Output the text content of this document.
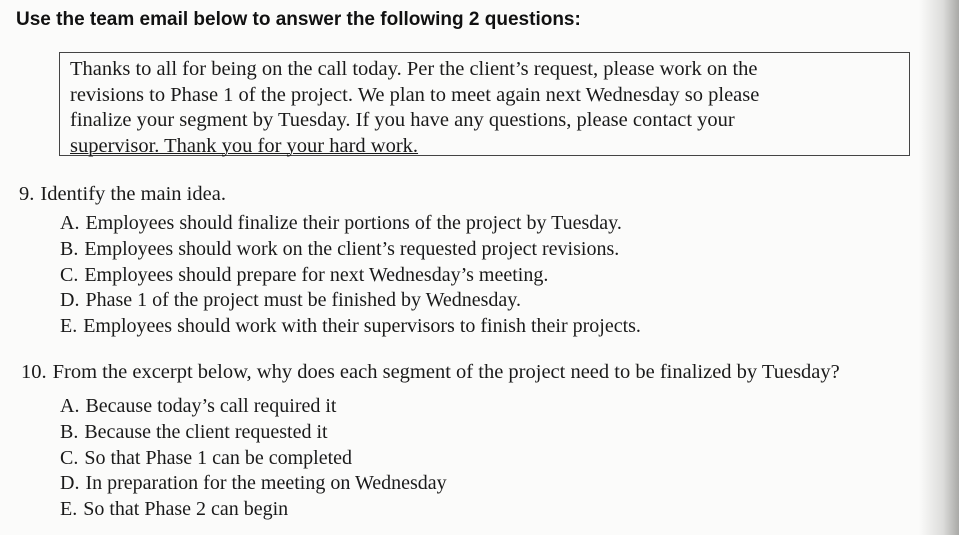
Use the team email below to answer the following 2 questions:
Thanks to all for being on the call today. Per the client’s request, please work on the
revisions to Phase 1 of the project. We plan to meet again next Wednesday so please
finalize your segment by Tuesday. If you have any questions, please contact your
supervisor. Thank you for your hard work.
9. Identify the main idea.
A. Employees should finalize their portions of the project by Tuesday.
B. Employees should work on the client’s requested project revisions.
C. Employees should prepare for next Wednesday’s meeting.
D. Phase 1 of the project must be finished by Wednesday.
E. Employees should work with their supervisors to finish their projects.
10. From the excerpt below, why does each segment of the project need to be finalized by Tuesday?
A. Because today’s call required it
B. Because the client requested it
C. So that Phase 1 can be completed
D. In preparation for the meeting on Wednesday
E. So that Phase 2 can begin
